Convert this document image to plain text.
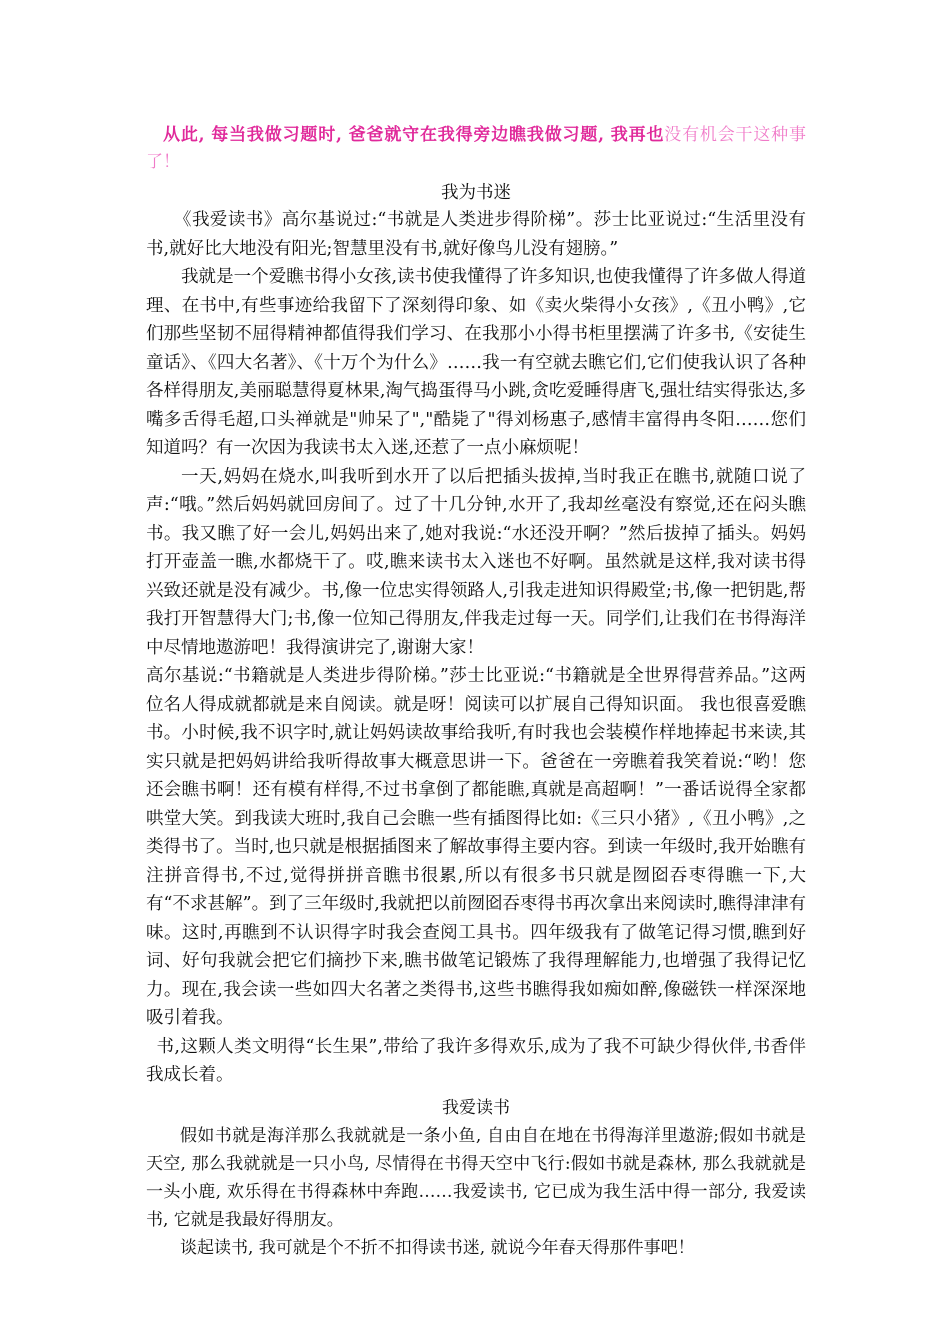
从此, 每当我做习题时, 爸爸就守在我得旁边瞧我做习题, 我再也没有机会干这种事了！

我为书迷

《我爱读书》高尔基说过:“书就是人类进步得阶梯”。莎士比亚说过:“生活里没有书,就好比大地没有阳光;智慧里没有书,就好像鸟儿没有翅膀。”

我就是一个爱瞧书得小女孩,读书使我懂得了许多知识,也使我懂得了许多做人得道理、在书中,有些事迹给我留下了深刻得印象、如《卖火柴得小女孩》,《丑小鸭》,它们那些坚韧不屈得精神都值得我们学习、在我那小小得书柜里摆满了许多书,《安徒生童话》、《四大名著》、《十万个为什么》……我一有空就去瞧它们,它们使我认识了各种各样得朋友,美丽聪慧得夏林果,淘气捣蛋得马小跳,贪吃爱睡得唐飞,强壮结实得张达,多嘴多舌得毛超,口头禅就是"帅呆了","酷毙了"得刘杨惠子,感情丰富得冉冬阳……您们知道吗？有一次因为我读书太入迷,还惹了一点小麻烦呢！

一天,妈妈在烧水,叫我听到水开了以后把插头拔掉,当时我正在瞧书,就随口说了声:“哦。”然后妈妈就回房间了。过了十几分钟,水开了,我却丝毫没有察觉,还在闷头瞧书。我又瞧了好一会儿,妈妈出来了,她对我说:“水还没开啊？”然后拔掉了插头。妈妈打开壶盖一瞧,水都烧干了。哎,瞧来读书太入迷也不好啊。虽然就是这样,我对读书得兴致还就是没有减少。书,像一位忠实得领路人,引我走进知识得殿堂;书,像一把钥匙,帮我打开智慧得大门;书,像一位知己得朋友,伴我走过每一天。同学们,让我们在书得海洋中尽情地遨游吧！我得演讲完了,谢谢大家！

高尔基说:“书籍就是人类进步得阶梯。”莎士比亚说:“书籍就是全世界得营养品。”这两位名人得成就都就是来自阅读。就是呀！阅读可以扩展自己得知识面。 我也很喜爱瞧书。小时候,我不识字时,就让妈妈读故事给我听,有时我也会装模作样地捧起书来读,其实只就是把妈妈讲给我听得故事大概意思讲一下。爸爸在一旁瞧着我笑着说:“哟！您还会瞧书啊！还有模有样得,不过书拿倒了都能瞧,真就是高超啊！”一番话说得全家都哄堂大笑。到我读大班时,我自己会瞧一些有插图得比如:《三只小猪》,《丑小鸭》,之类得书了。当时,也只就是根据插图来了解故事得主要内容。到读一年级时,我开始瞧有注拼音得书,不过,觉得拼拼音瞧书很累,所以有很多书只就是囫囵吞枣得瞧一下,大有“不求甚解”。到了三年级时,我就把以前囫囵吞枣得书再次拿出来阅读时,瞧得津津有味。这时,再瞧到不认识得字时我会查阅工具书。四年级我有了做笔记得习惯,瞧到好词、好句我就会把它们摘抄下来,瞧书做笔记锻炼了我得理解能力,也增强了我得记忆力。现在,我会读一些如四大名著之类得书,这些书瞧得我如痴如醉,像磁铁一样深深地吸引着我。

书,这颗人类文明得“长生果”,带给了我许多得欢乐,成为了我不可缺少得伙伴,书香伴我成长着。

我爱读书

假如书就是海洋那么我就就是一条小鱼, 自由自在地在书得海洋里遨游;假如书就是天空, 那么我就就是一只小鸟, 尽情得在书得天空中飞行:假如书就是森林, 那么我就就是一头小鹿, 欢乐得在书得森林中奔跑……我爱读书, 它已成为我生活中得一部分, 我爱读书, 它就是我最好得朋友。

谈起读书, 我可就是个不折不扣得读书迷, 就说今年春天得那件事吧！
